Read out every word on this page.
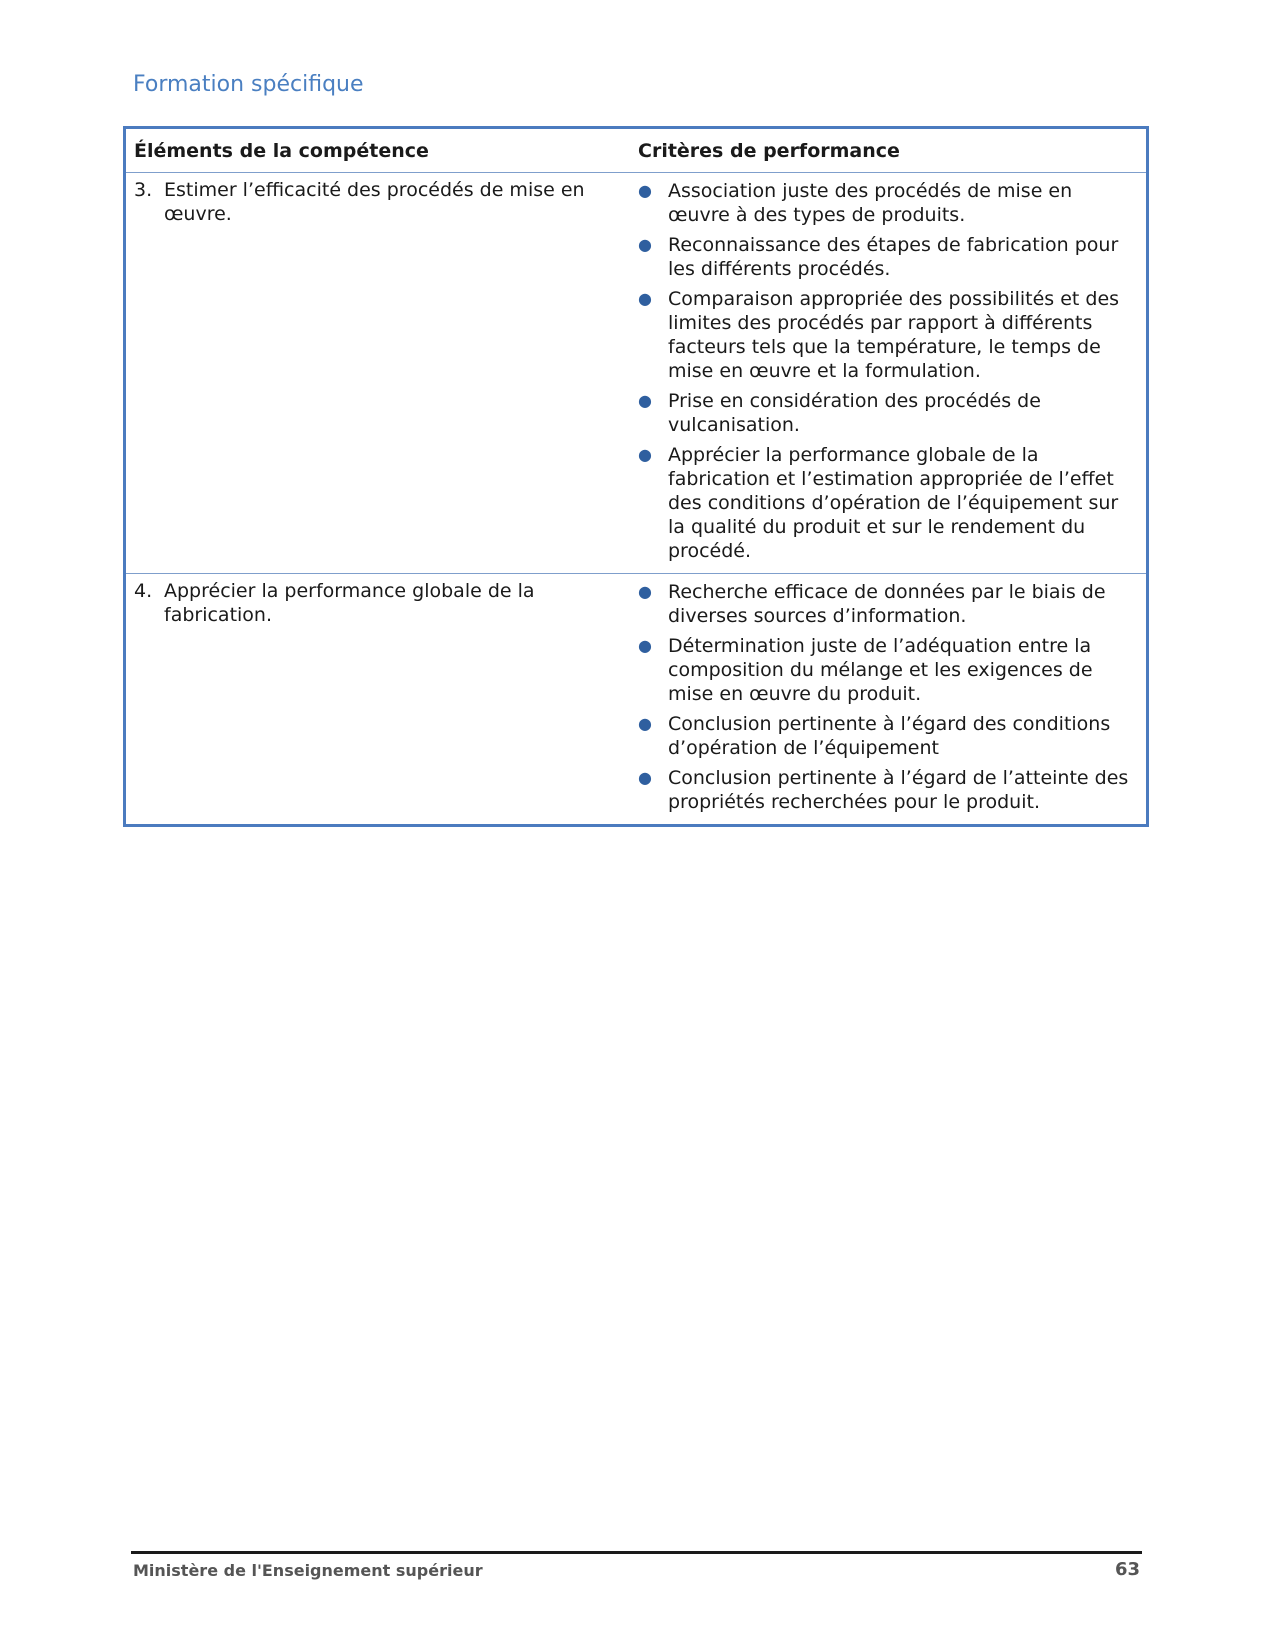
Formation spécifique
Éléments de la compétence	Critères de performance
3. Estimer l’efficacité des procédés de mise en œuvre.
● Association juste des procédés de mise en œuvre à des types de produits.
● Reconnaissance des étapes de fabrication pour les différents procédés.
● Comparaison appropriée des possibilités et des limites des procédés par rapport à différents facteurs tels que la température, le temps de mise en œuvre et la formulation.
● Prise en considération des procédés de vulcanisation.
● Apprécier la performance globale de la fabrication et l’estimation appropriée de l’effet des conditions d’opération de l’équipement sur la qualité du produit et sur le rendement du procédé.
4. Apprécier la performance globale de la fabrication.
● Recherche efficace de données par le biais de diverses sources d’information.
● Détermination juste de l’adéquation entre la composition du mélange et les exigences de mise en œuvre du produit.
● Conclusion pertinente à l’égard des conditions d’opération de l’équipement
● Conclusion pertinente à l’égard de l’atteinte des propriétés recherchées pour le produit.
Ministère de l'Enseignement supérieur	63
